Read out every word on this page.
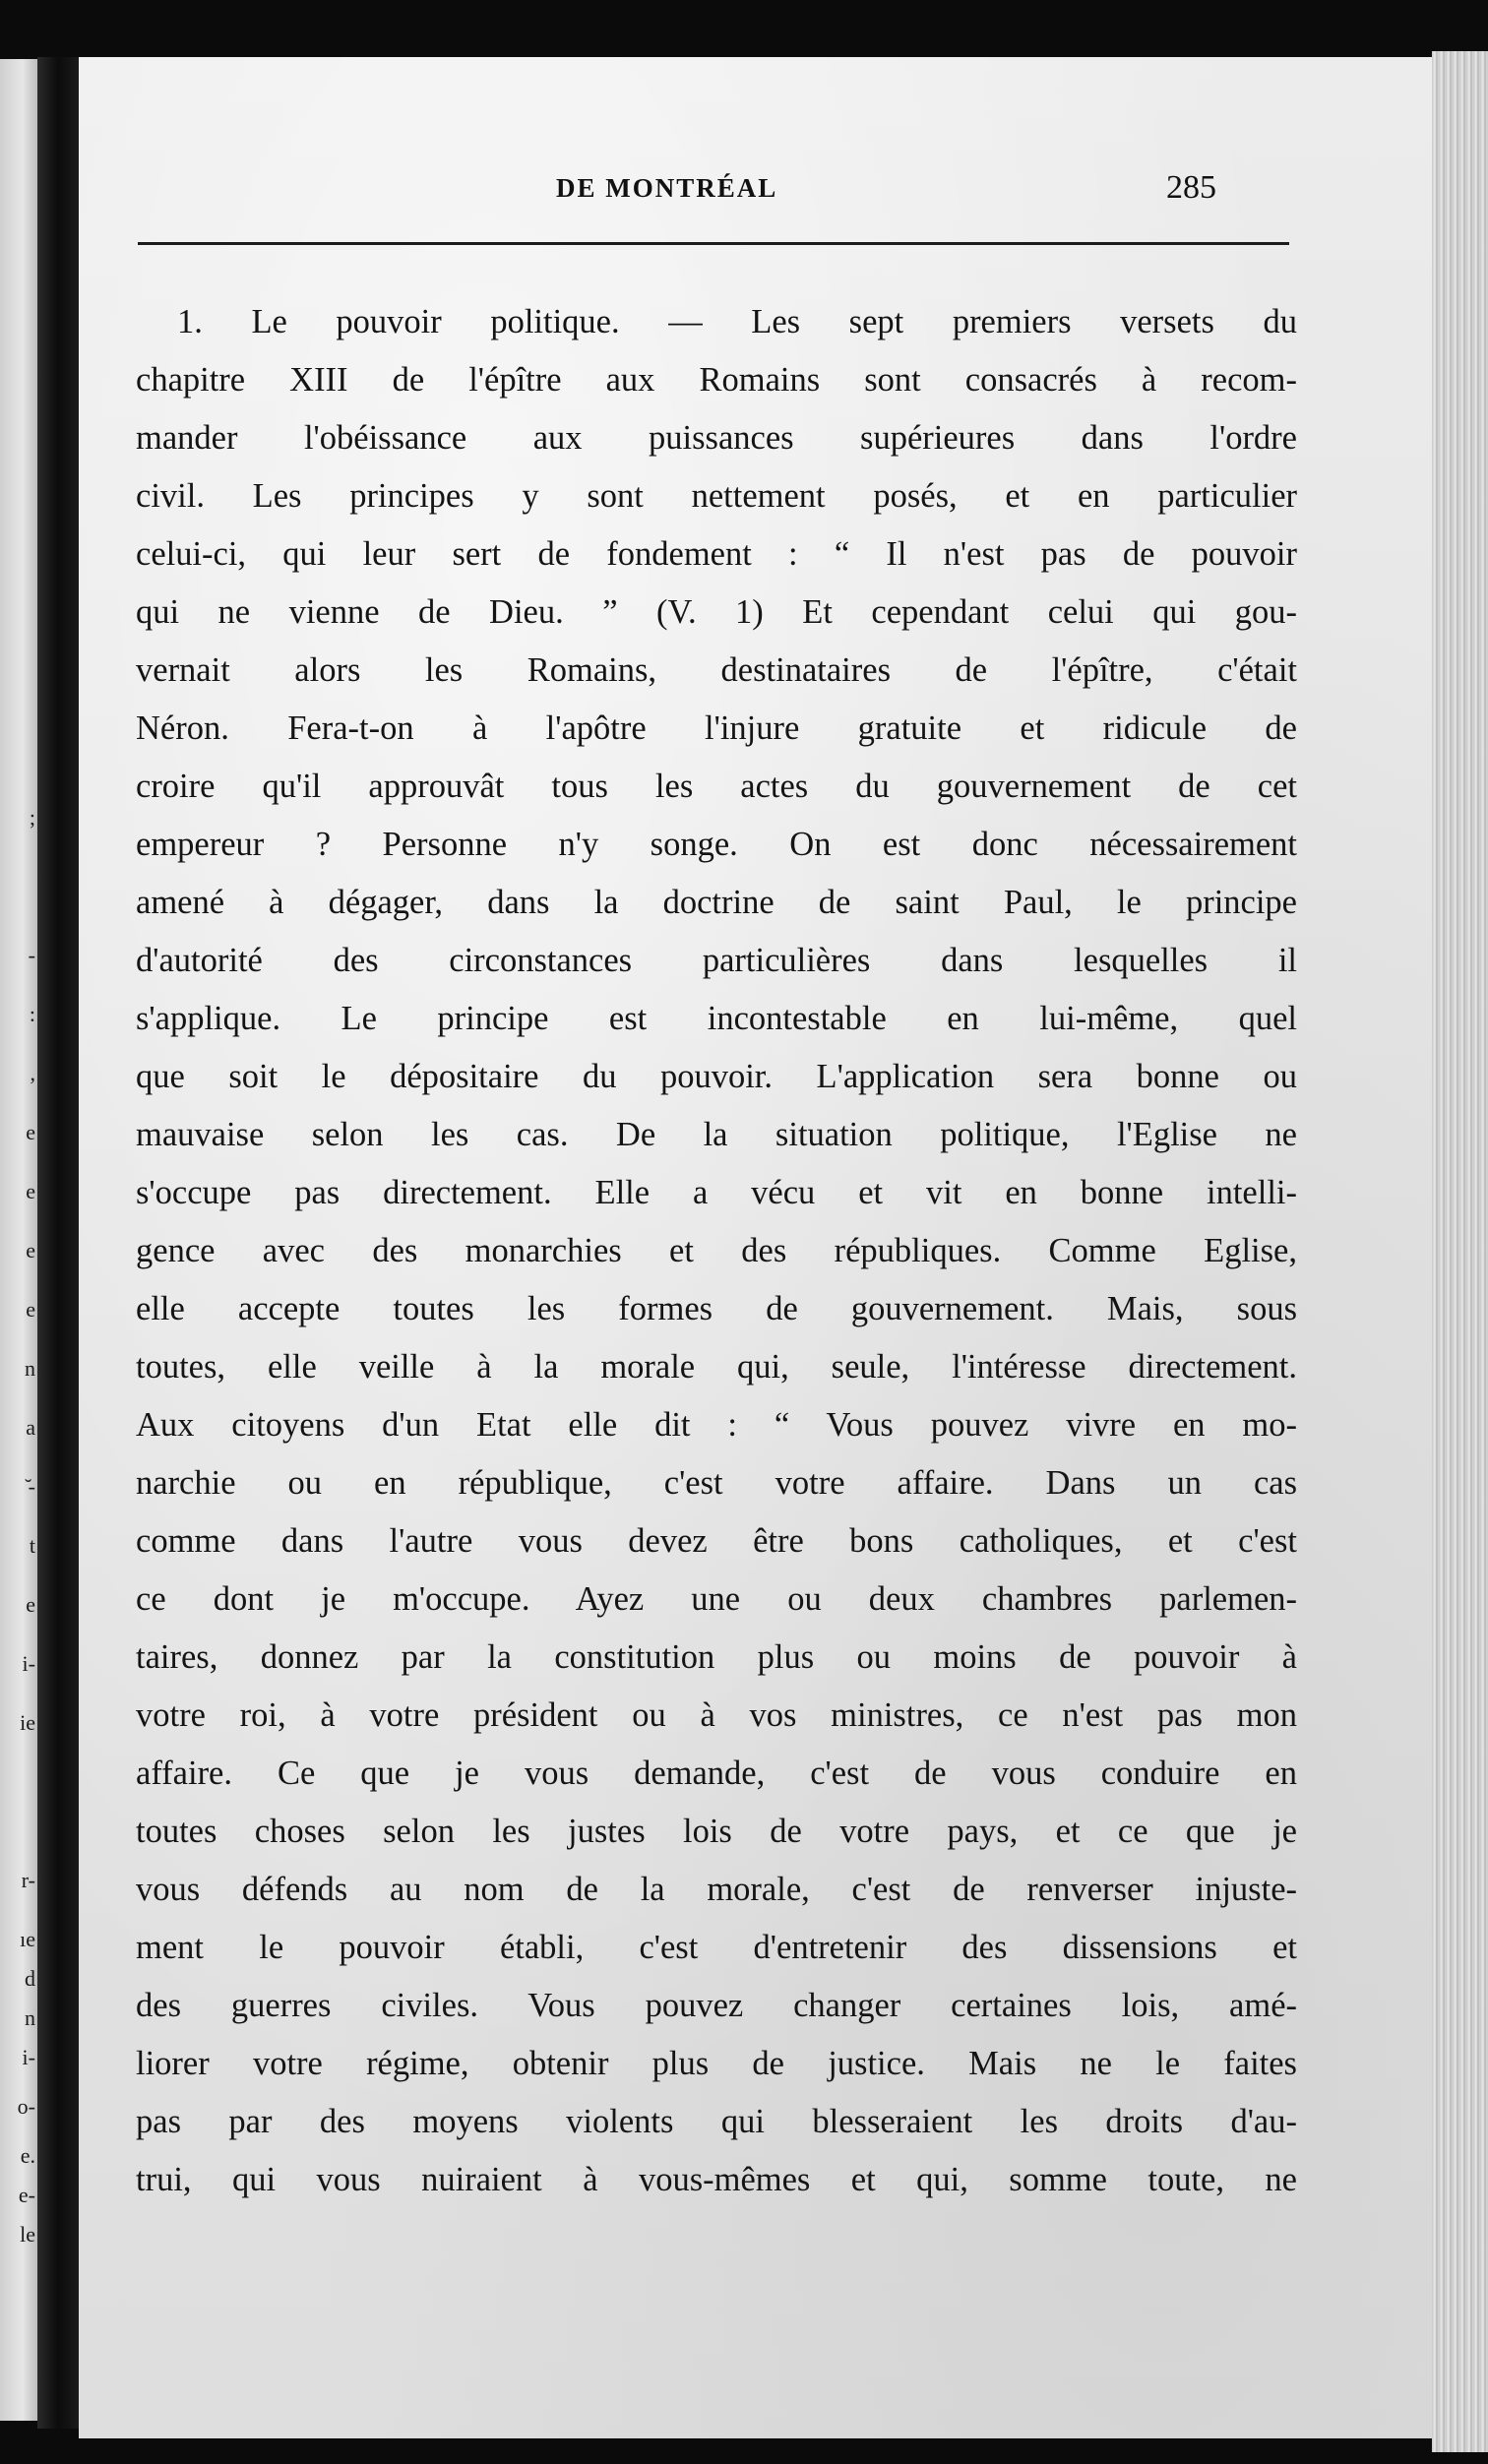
;
-
:
,
e
e
e
e
n
a
̆-
t
e
i-
ie
r-
ıe
d
n
i-
o-
e.
e-
le
DE MONTRÉAL	285
1. Le pouvoir politique. — Les sept premiers versets du
chapitre XIII de l'épître aux Romains sont consacrés à recom-
mander l'obéissance aux puissances supérieures dans l'ordre
civil. Les principes y sont nettement posés, et en particulier
celui-ci, qui leur sert de fondement : “ Il n'est pas de pouvoir
qui ne vienne de Dieu. ” (V. 1) Et cependant celui qui gou-
vernait alors les Romains, destinataires de l'épître, c'était
Néron. Fera-t-on à l'apôtre l'injure gratuite et ridicule de
croire qu'il approuvât tous les actes du gouvernement de cet
empereur ? Personne n'y songe. On est donc nécessairement
amené à dégager, dans la doctrine de saint Paul, le principe
d'autorité des circonstances particulières dans lesquelles il
s'applique. Le principe est incontestable en lui-même, quel
que soit le dépositaire du pouvoir. L'application sera bonne ou
mauvaise selon les cas. De la situation politique, l'Eglise ne
s'occupe pas directement. Elle a vécu et vit en bonne intelli-
gence avec des monarchies et des républiques. Comme Eglise,
elle accepte toutes les formes de gouvernement. Mais, sous
toutes, elle veille à la morale qui, seule, l'intéresse directement.
Aux citoyens d'un Etat elle dit : “ Vous pouvez vivre en mo-
narchie ou en république, c'est votre affaire. Dans un cas
comme dans l'autre vous devez être bons catholiques, et c'est
ce dont je m'occupe. Ayez une ou deux chambres parlemen-
taires, donnez par la constitution plus ou moins de pouvoir à
votre roi, à votre président ou à vos ministres, ce n'est pas mon
affaire. Ce que je vous demande, c'est de vous conduire en
toutes choses selon les justes lois de votre pays, et ce que je
vous défends au nom de la morale, c'est de renverser injuste-
ment le pouvoir établi, c'est d'entretenir des dissensions et
des guerres civiles. Vous pouvez changer certaines lois, amé-
liorer votre régime, obtenir plus de justice. Mais ne le faites
pas par des moyens violents qui blesseraient les droits d'au-
trui, qui vous nuiraient à vous-mêmes et qui, somme toute, ne
